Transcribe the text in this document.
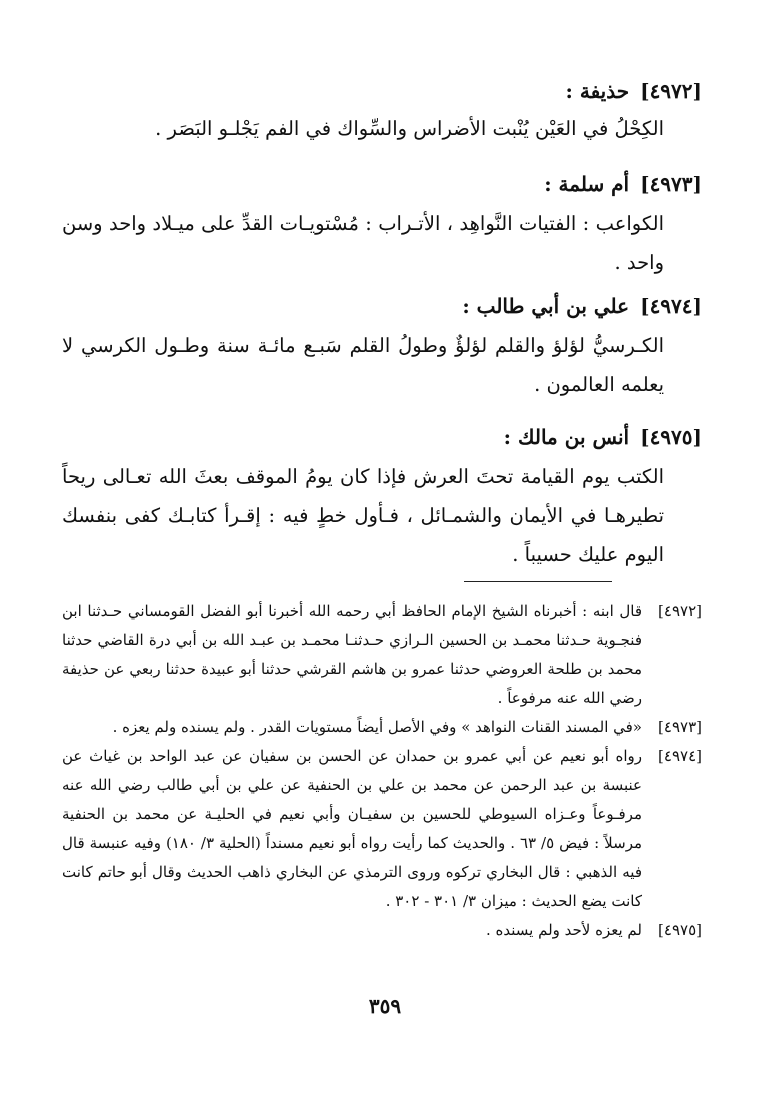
[٤٩٧٢] حذيفة :
الكِحْلُ في العَيْن يُنْبت الأضراس والسِّواك في الفم يَجْلـو البَصَر .
[٤٩٧٣] أم سلمة :
الكواعب : الفتيات النَّواهِد ، الأتـراب : مُسْتويـات القدِّ على ميـلاد واحد وسن واحد .
[٤٩٧٤] علي بن أبي طالب :
الكـرسيُّ لؤلؤ والقلم لؤلؤٌ وطولُ القلم سَبـع مائـة سنة وطـول الكرسي لا يعلمه العالمون .
[٤٩٧٥] أنس بن مالك :
الكتب يوم القيامة تحتَ العرش فإذا كان يومُ الموقف بعثَ الله تعـالى ريحاً تطيرهـا في الأيمان والشمـائل ، فـأول خطٍ فيه : إقـرأ كتابـك كفى بنفسك اليوم عليك حسيباً .
[٤٩٧٢]
قال ابنه : أخبرناه الشيخ الإمام الحافظ أبي رحمه الله أخبرنا أبو الفضل القومساني حـدثنا ابن فنجـوية حـدثنا محمـد بن الحسين الـرازي حـدثنـا محمـد بن عبـد الله بن أبي درة القاضي حدثنا محمد بن طلحة العروضي حدثنا عمرو بن هاشم القرشي حدثنا أبو عبيدة حدثنا ربعي عن حذيفة رضي الله عنه مرفوعاً .
[٤٩٧٣]
«في المسند القنات النواهد » وفي الأصل أيضاً مستويات القدر . ولم يسنده ولم يعزه .
[٤٩٧٤]
رواه أبو نعيم عن أبي عمرو بن حمدان عن الحسن بن سفيان عن عبد الواحد بن غياث عن عنبسة بن عبد الرحمن عن محمد بن علي بن الحنفية عن علي بن أبي طالب رضي الله عنه مرفـوعاً وعـزاه السيوطي للحسين بن سفيـان وأبي نعيم في الحليـة عن محمد بن الحنفية مرسلاً : فيض ٥/ ٦٣ . والحديث كما رأيت رواه أبو نعيم مسنداً (الحلية ٣/ ١٨٠) وفيه عنبسة قال فيه الذهبي : قال البخاري تركوه وروى الترمذي عن البخاري ذاهب الحديث وقال أبو حاتم كانت كانت يضع الحديث : ميزان ٣/ ٣٠١ - ٣٠٢ .
[٤٩٧٥]
لم يعزه لأحد ولم يسنده .
٣٥٩
